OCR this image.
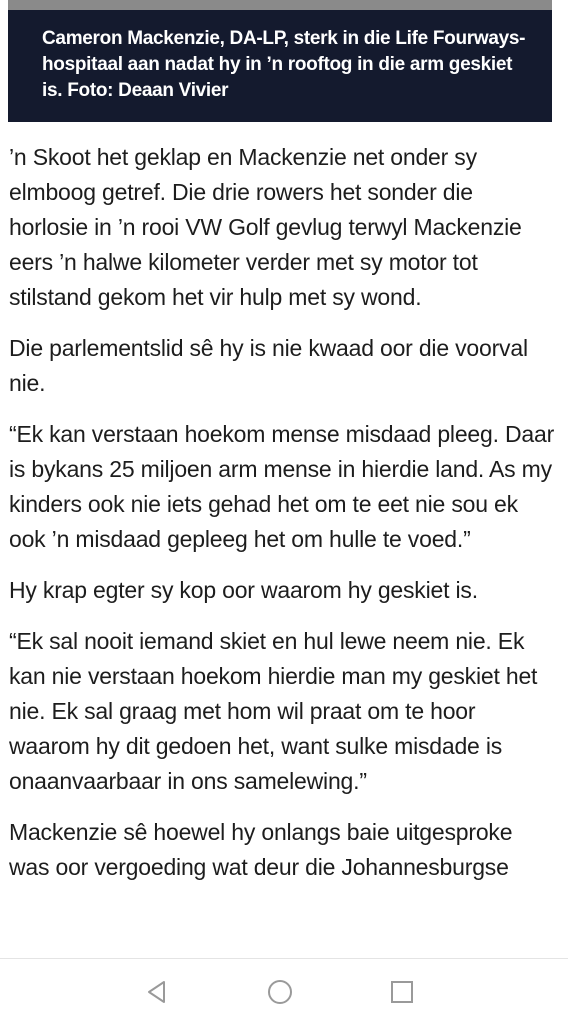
Cameron Mackenzie, DA-LP, sterk in die Life Fourways-hospitaal aan nadat hy in ’n rooftog in die arm geskiet is. Foto: Deaan Vivier

’n Skoot het geklap en Mackenzie net onder sy elmboog getref. Die drie rowers het sonder die horlosie in ’n rooi VW Golf gevlug terwyl Mackenzie eers ’n halwe kilometer verder met sy motor tot stilstand gekom het vir hulp met sy wond.

Die parlementslid sê hy is nie kwaad oor die voorval nie.

“Ek kan verstaan hoekom mense misdaad pleeg. Daar is bykans 25 miljoen arm mense in hierdie land. As my kinders ook nie iets gehad het om te eet nie sou ek ook ’n misdaad gepleeg het om hulle te voed.”

Hy krap egter sy kop oor waarom hy geskiet is.

“Ek sal nooit iemand skiet en hul lewe neem nie. Ek kan nie verstaan hoekom hierdie man my geskiet het nie. Ek sal graag met hom wil praat om te hoor waarom hy dit gedoen het, want sulke misdade is onaanvaarbaar in ons samelewing.”

Mackenzie sê hoewel hy onlangs baie uitgesproke was oor vergoeding wat deur die Johannesburgse
